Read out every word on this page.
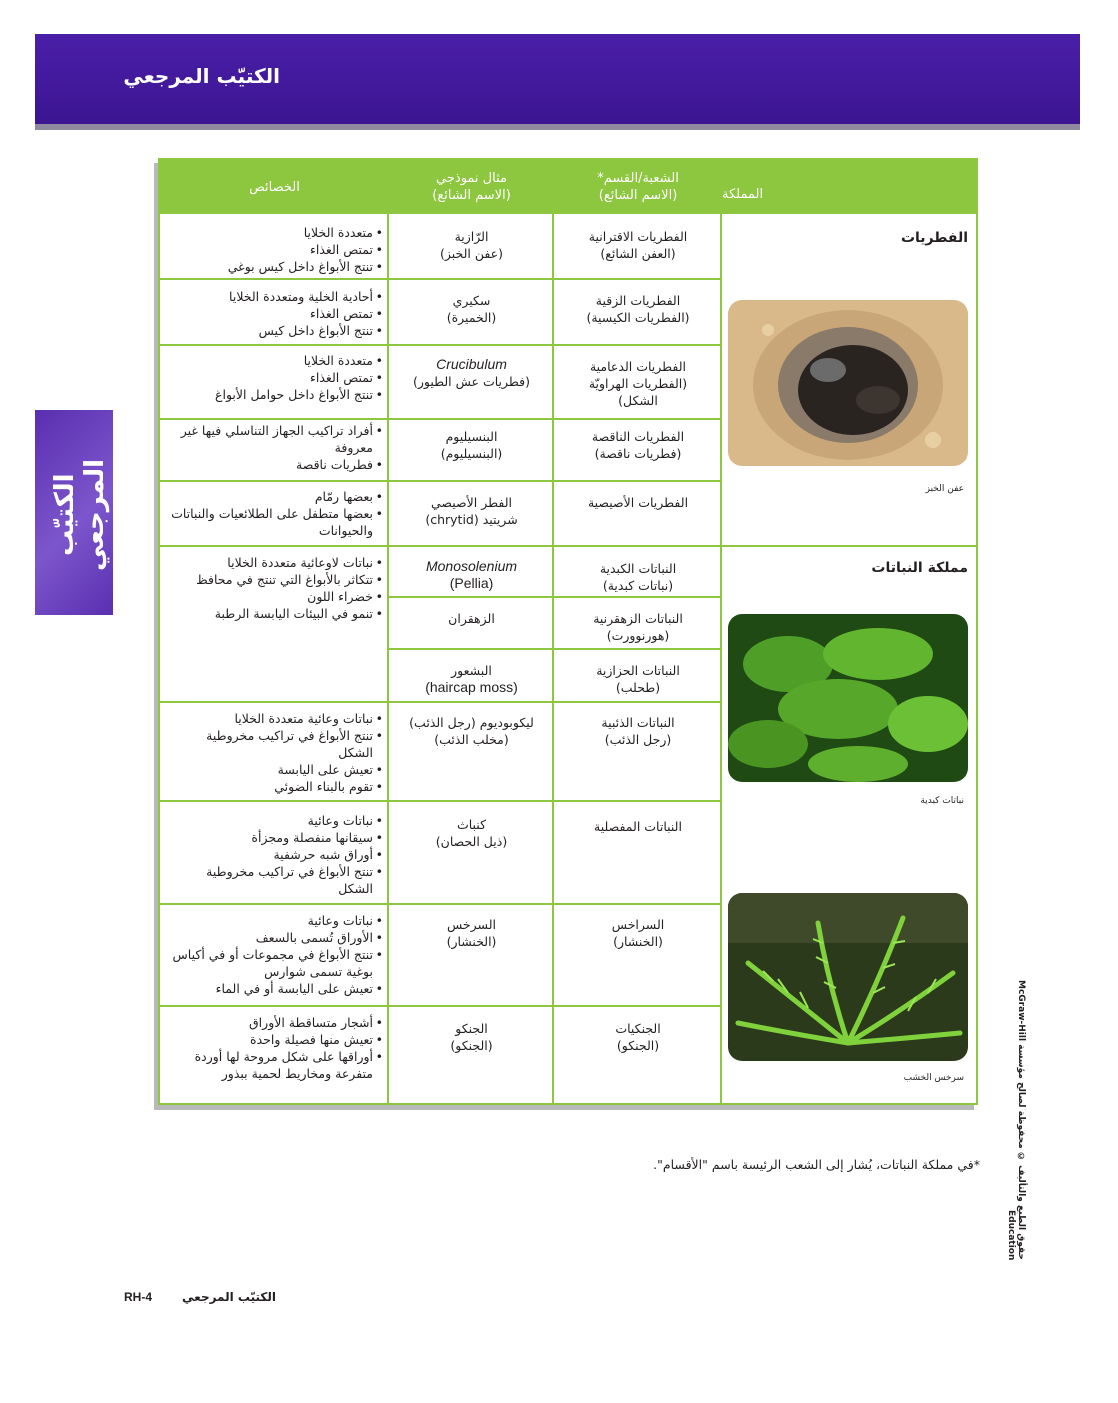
الكتيّب المرجعي
الكتيّب المرجعي
المملكة
الشعبة/القسم*
(الاسم الشائع)
مثال نموذجي
(الاسم الشائع)
الخصائص
الفطريات
مملكة النباتات
عفن الخبز
نباتات كبدية
سرخس الخشب
الفطريات الاقترانية
(العفن الشائع)
الرّازية
(عفن الخبز)
• متعددة الخلايا
• تمتص الغذاء
• تنتج الأبواغ داخل كيس بوغي
الفطريات الزقية
(الفطريات الكيسية)
سكيري
(الخميرة)
• أحادية الخلية ومتعددة الخلايا
• تمتص الغذاء
• تنتج الأبواغ داخل كيس
الفطريات الدعامية
(الفطريات الهراويّة
الشكل)
Crucibulum
(فطريات عش الطيور)
• متعددة الخلايا
• تمتص الغذاء
• تنتج الأبواغ داخل حوامل الأبواغ
الفطريات الناقصة
(فطريات ناقصة)
البنسيليوم
(البنسيليوم)
• أفراد تراكيب الجهاز التناسلي فيها غير معروفة
• فطريات ناقصة
الفطريات الأصيصية
الفطر الأصيصي
شريتيد (chrytid)
• بعضها رمّام
• بعضها متطفل على الطلائعيات والنباتات والحيوانات
النباتات الكبدية
(نباتات كبدية)
Monosolenium
(Pellia)
• نباتات لاوعائية متعددة الخلايا
• تتكاثر بالأبواغ التي تنتج في محافظ
• خضراء اللون
• تنمو في البيئات اليابسة الرطبة	النباتات الزهقرنية
(هورنوورت)
الزهقران
النباتات الحزازية
(طحلب)
البشعور
(haircap moss)
النباتات الذئبية
(رجل الذئب)
ليكوبوديوم (رجل الذئب)
(مخلب الذئب)
• نباتات وعائية متعددة الخلايا
• تنتج الأبواغ في تراكيب مخروطية الشكل
• تعيش على اليابسة
• تقوم بالبناء الضوئي
النباتات المفصلية
كنباث
(ذيل الحصان)
• نباتات وعائية
• سيقانها منفصلة ومجزأة
• أوراق شبه حرشفية
• تنتج الأبواغ في تراكيب مخروطية الشكل
السراخس
(الخنشار)
السرخس
(الخنشار)
• نباتات وعائية
• الأوراق تُسمى بالسعف
• تنتج الأبواغ في مجموعات أو في أكياس بوغية تسمى شوارس
• تعيش على اليابسة أو في الماء
الجنكيات
(الجنكو)
الجنكو
(الجنكو)
• أشجار متساقطة الأوراق
• تعيش منها فصيلة واحدة
• أوراقها على شكل مروحة لها أوردة متفرعة ومخاريط لحمية ببذور
*في مملكة النباتات، يُشار إلى الشعب الرئيسة باسم "الأقسام".
حقوق الطبع والتأليف © محفوظة لصالح مؤسسة McGraw-Hill Education
الكتيّب المرجعي
RH-4
